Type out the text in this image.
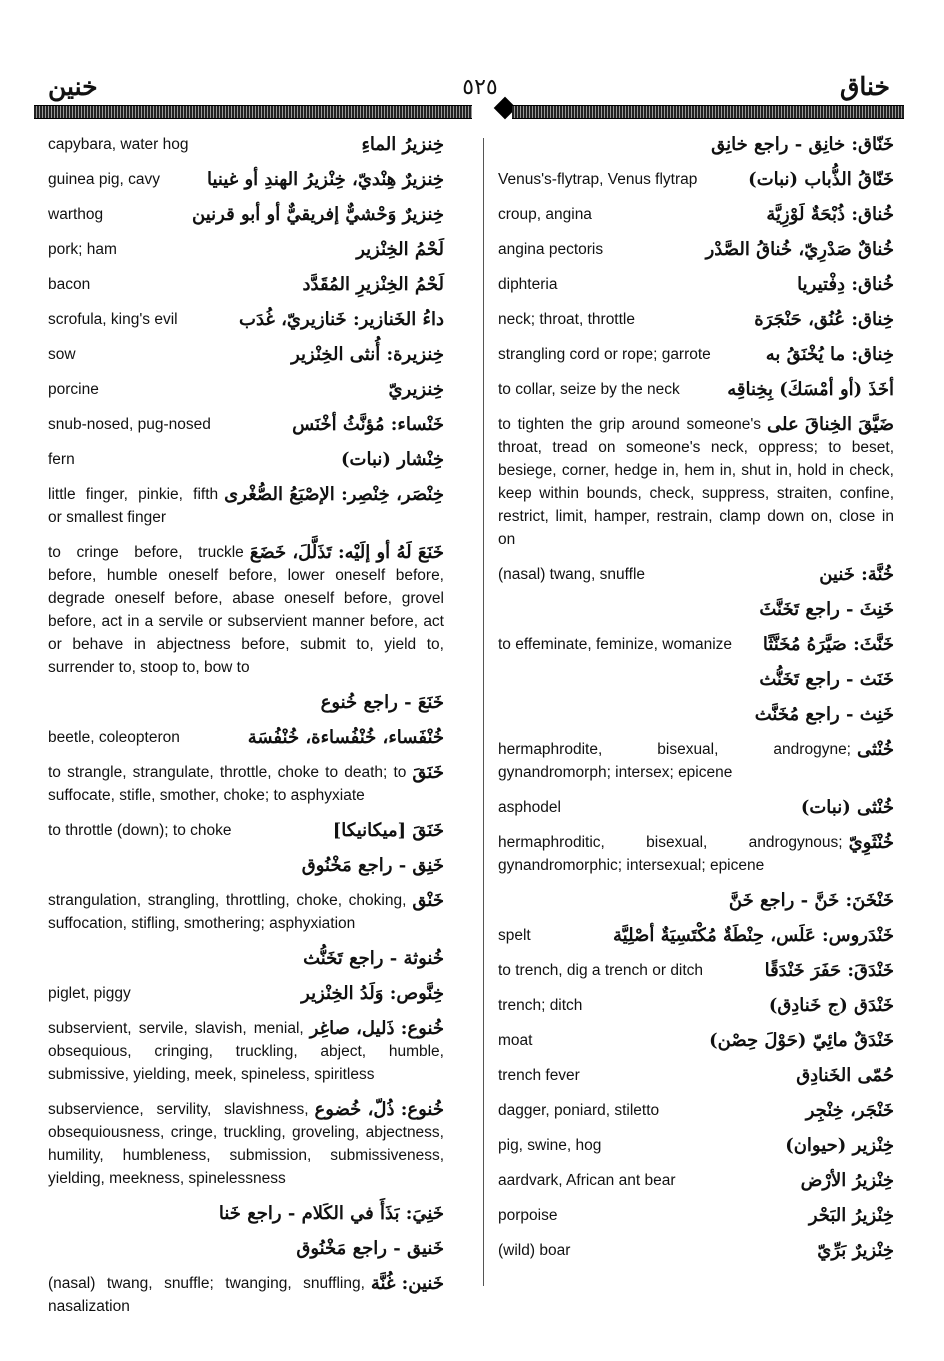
خنين	٥٢٥	خناق
خِنزيرُ الماءِ
capybara, water hog
خِنزيرٌ هِنْديّ، خِنْزيرُ الهندِ أو غينيا
guinea pig, cavy
خِنزيرٌ وَحْشيٌّ إفريقيٌّ أو أبو قرنين
warthog
لَحْمُ الخِنْزير
pork; ham
لَحْمُ الخِنْزيرِ المُقَدَّد
bacon
داءُ الخَنازير: خَنازيريّ، غُدَب
scrofula, king's evil
خِنزيرة: أُنثى الخِنْزير
sow
خِنزيريّ
porcine
خَنْساء: مُؤنَّثُ أخْنَس
snub-nosed, pug-nosed
خِنْشار (نبات)
fern
خِنْصَر، خِنْصِر: الإصْبَعُ الصُّغْرى
little finger, pinkie, fifth or smallest finger
خَنَعَ لَهُ أو إلَيْه: تَذَلَّلَ، خَضَعَ
to cringe before, truckle before, humble oneself before, lower oneself before, degrade oneself before, abase oneself before, grovel before, act in a servile or subservient manner before, act or behave in abjectness before, submit to, yield to, surrender to, stoop to, bow to
خَنَعَ - راجع خُنوع
خُنْفَساء، خُنْفُساءة، خُنْفُسَة
beetle, coleopteron
خَنَقَ
to strangle, strangulate, throttle, choke to death; to suffocate, stifle, smother, choke; to asphyxiate
خَنَقَ [ميكانيكا]
to throttle (down); to choke
خَنِق - راجع مَخْنُوق
خَنْق
strangulation, strangling, throttling, choke, choking, suffocation, stifling, smothering; asphyxiation
خُنوثة - راجع تَخَنُّث
خِنَّوص: وَلَدُ الخِنْزير
piglet, piggy
خُنوع: ذَليل، صاغِر
subservient, servile, slavish, menial, obsequious, cringing, truckling, abject, humble, submissive, yielding, meek, spineless, spiritless
خُنوع: ذُلّ، خُضوع
subservience, servility, slavishness, obsequiousness, cringe, truckling, groveling, abjectness, humility, humbleness, submission, submissiveness, yielding, meekness, spinelessness
خَنِيَ: بَذَأَ في الكَلام - راجع خَنا
خَنيق - راجع مَخْنُوق
خَنين: غُنَّة
(nasal) twang, snuffle; twanging, snuffling, nasalization
خَنّاق: خانِق - راجع خانِق
خَنّاقُ الذُّباب (نبات)
Venus's-flytrap, Venus flytrap
خُناق: ذُبْحَةٌ لَوْزِيَّة
croup, angina
خُناقٌ صَدْرِيّ، خُناقُ الصَّدْر
angina pectoris
خُناق: دِفْتيريا
diphteria
خِناق: عُنُق، حَنْجَرَة
neck; throat, throttle
خِناق: ما يُخْنَقُ به
strangling cord or rope; garrote
أخَذَ (أو أمْسَكَ) بِخِناقِه
to collar, seize by the neck
ضَيَّقَ الخِناقَ على
to tighten the grip around someone's throat, tread on someone's neck, oppress; to beset, besiege, corner, hedge in, hem in, shut in, hold in check, keep within bounds, check, suppress, straiten, confine, restrict, limit, hamper, restrain, clamp down on, close in on
خُنَّة: خَنين
(nasal) twang, snuffle
خَنِثَ - راجع تَخَنَّثَ
خَنَّثَ: صَيَّرَهُ مُخَنَّثًا
to effeminate, feminize, womanize
خَنَث - راجع تَخَنُّث
خَنِث - راجع مُخَنَّث
خُنْثى
hermaphrodite, bisexual, androgyne; gynandromorph; intersex; epicene
خُنْثى (نبات)
asphodel
خُنْثَوِيّ
hermaphroditic, bisexual, androgynous; gynandromorphic; intersexual; epicene
خَنْخَنَ: خَنَّ - راجع خَنَّ
خَنْدَروس: عَلَس، حِنْطَةٌ مُكْتَسِيَةٌ أصْلِيَّة
spelt
خَنْدَقَ: حَفَرَ خَنْدَقًا
to trench, dig a trench or ditch
خَنْدَق (ج خَنادِق)
trench; ditch
خَنْدَقٌ مائِيّ (حَوْلَ حِصْن)
moat
حُمّى الخَنادِق
trench fever
خَنْجَر، خِنْجِر
dagger, poniard, stiletto
خِنْزير (حيوان)
pig, swine, hog
خِنْزيرُ الأرْض
aardvark, African ant bear
خِنْزيرُ البَحْر
porpoise
خِنْزيرٌ بَرِّيّ
(wild) boar
